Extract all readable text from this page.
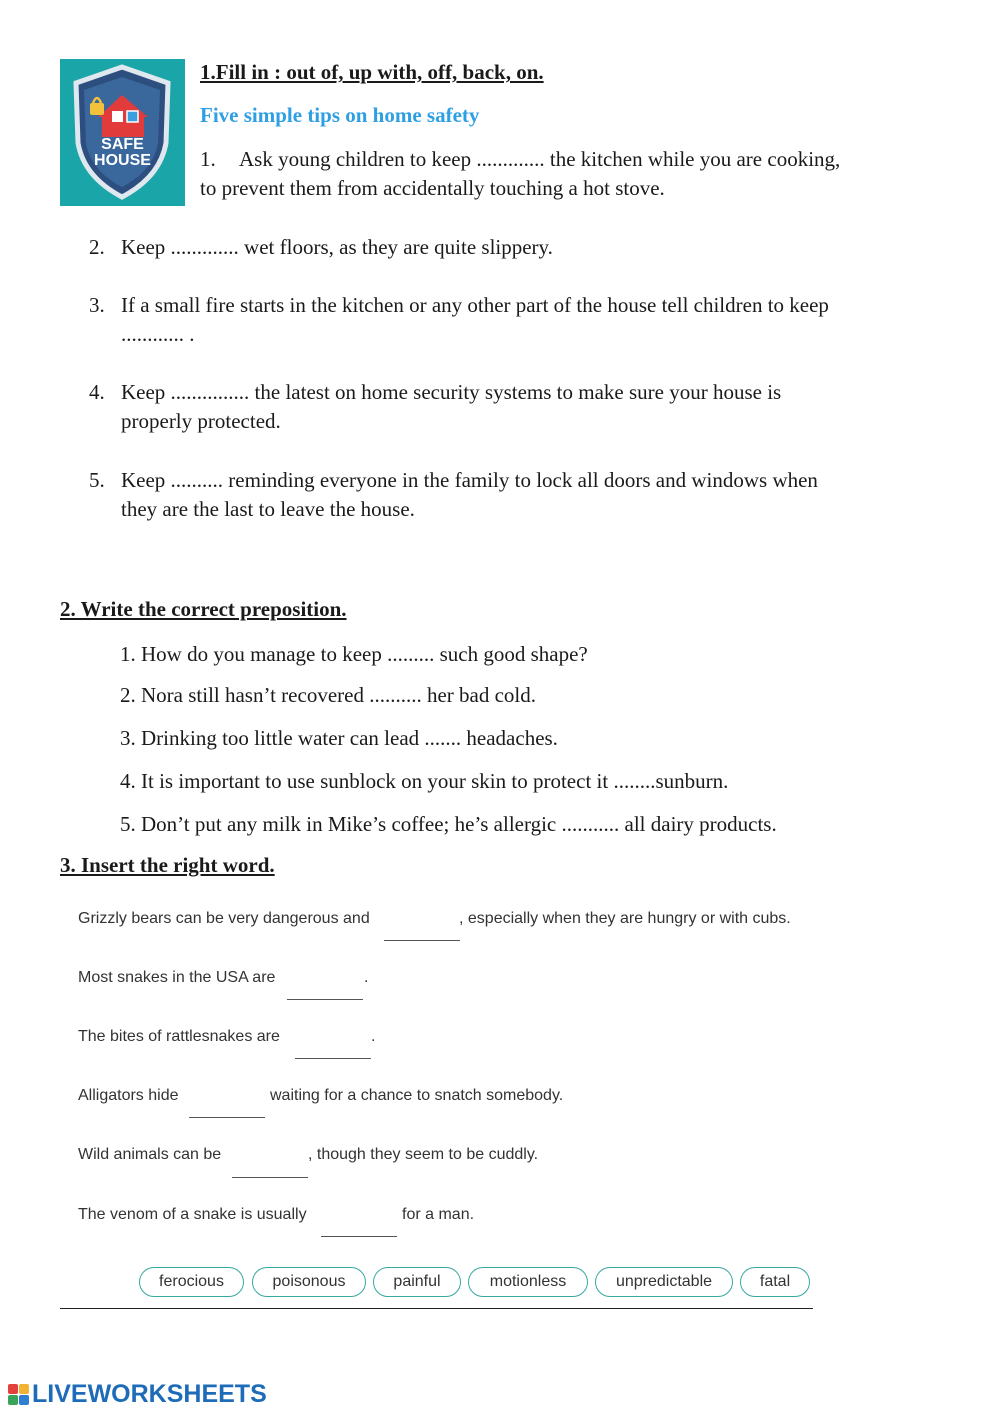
SAFE
HOUSE
1.Fill in : out of, up with, off, back, on.
Five simple tips on home safety
1. Ask young children to keep ............. the kitchen while you are cooking,
to prevent them from accidentally touching a hot stove.
2. Keep ............. wet floors, as they are quite slippery.
3. If a small fire starts in the kitchen or any other part of the house tell children to keep
............ .
4. Keep ............... the latest on home security systems to make sure your house is
properly protected.
5. Keep .......... reminding everyone in the family to lock all doors and windows when
they are the last to leave the house.
2. Write the correct preposition.
1. How do you manage to keep ......... such good shape?
2. Nora still hasn’t recovered .......... her bad cold.
3. Drinking too little water can lead ....... headaches.
4. It is important to use sunblock on your skin to protect it ........sunburn.
5. Don’t put any milk in Mike’s coffee; he’s allergic ........... all dairy products.
3. Insert the right word.
Grizzly bears can be very dangerous and	, especially when they are hungry or with cubs.
Most snakes in the USA are	.
The bites of rattlesnakes are	.
Alligators hide	waiting for a chance to snatch somebody.
Wild animals can be	, though they seem to be cuddly.
The venom of a snake is usually	for a man.
ferocious	poisonous	painful	motionless	unpredictable	fatal
LIVEWORKSHEETS
